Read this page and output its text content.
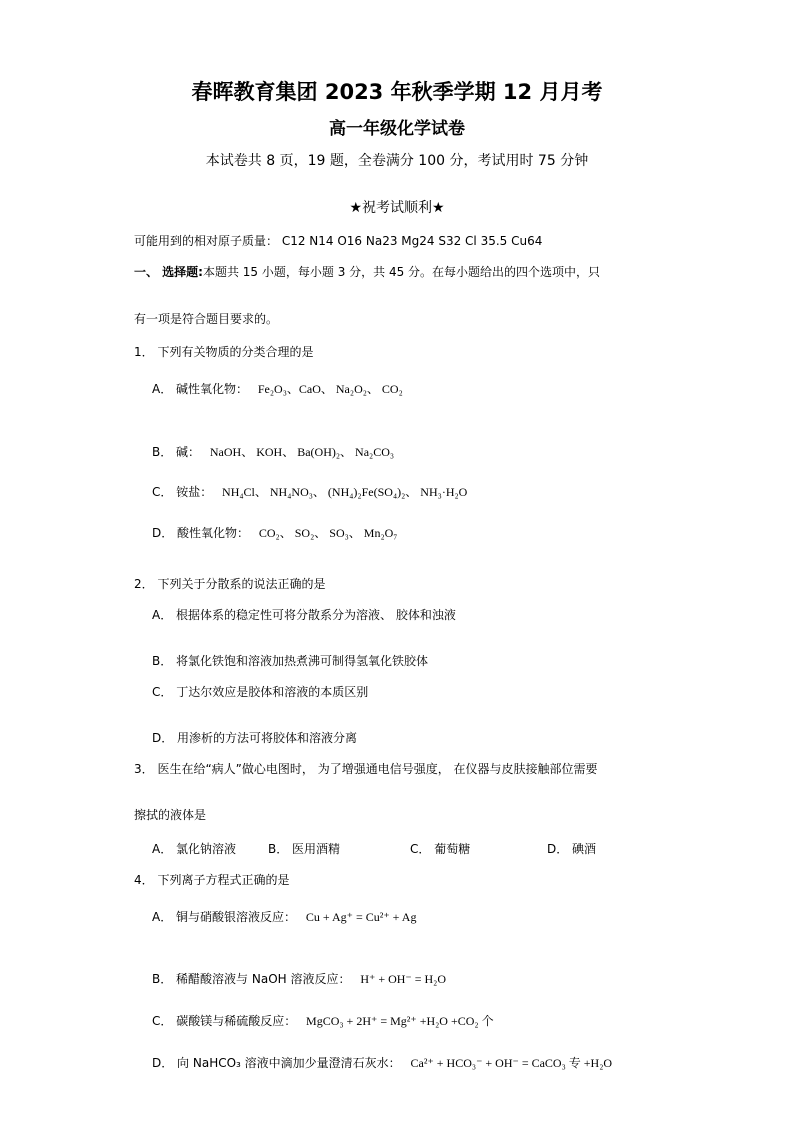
春晖教育集团 2023 年秋季学期 12 月月考
高一年级化学试卷
本试卷共 8 页，19 题，全卷满分 100 分，考试用时 75 分钟
★祝考试顺利★
可能用到的相对原子质量： C12 N14 O16 Na23 Mg24 S32 Cl 35.5 Cu64
一、 选择题:本题共 15 小题，每小题 3 分，共 45 分。在每小题给出的四个选项中，只
有一项是符合题目要求的。
1． 下列有关物质的分类合理的是
A． 碱性氧化物： Fe₂O₃、CaO、 Na₂O₂、 CO₂
B． 碱： NaOH、 KOH、 Ba(OH)₂、 Na₂CO₃
C． 铵盐： NH₄Cl、 NH₄NO₃、 (NH₄)₂Fe(SO₄)₂、 NH₃·H₂O
D． 酸性氧化物： CO₂、 SO₂、 SO₃、 Mn₂O₇
2． 下列关于分散系的说法正确的是
A． 根据体系的稳定性可将分散系分为溶液、 胶体和浊液
B． 将氯化铁饱和溶液加热煮沸可制得氢氧化铁胶体
C． 丁达尔效应是胶体和溶液的本质区别
D． 用渗析的方法可将胶体和溶液分离
3． 医生在给“病人”做心电图时， 为了增强通电信号强度， 在仪器与皮肤接触部位需要
擦拭的液体是
A． 氯化钠溶液	B． 医用酒精	C． 葡萄糖	D． 碘酒
4． 下列离子方程式正确的是
A． 铜与硝酸银溶液反应： Cu + Ag⁺ = Cu²⁺ + Ag
B． 稀醋酸溶液与 NaOH 溶液反应： H⁺ + OH⁻ = H₂O
C． 碳酸镁与稀硫酸反应： MgCO₃ + 2H⁺ = Mg²⁺ +H₂O +CO₂ 个
D． 向 NaHCO₃ 溶液中滴加少量澄清石灰水： Ca²⁺ + HCO₃⁻ + OH⁻ = CaCO₃ 专 +H₂O
